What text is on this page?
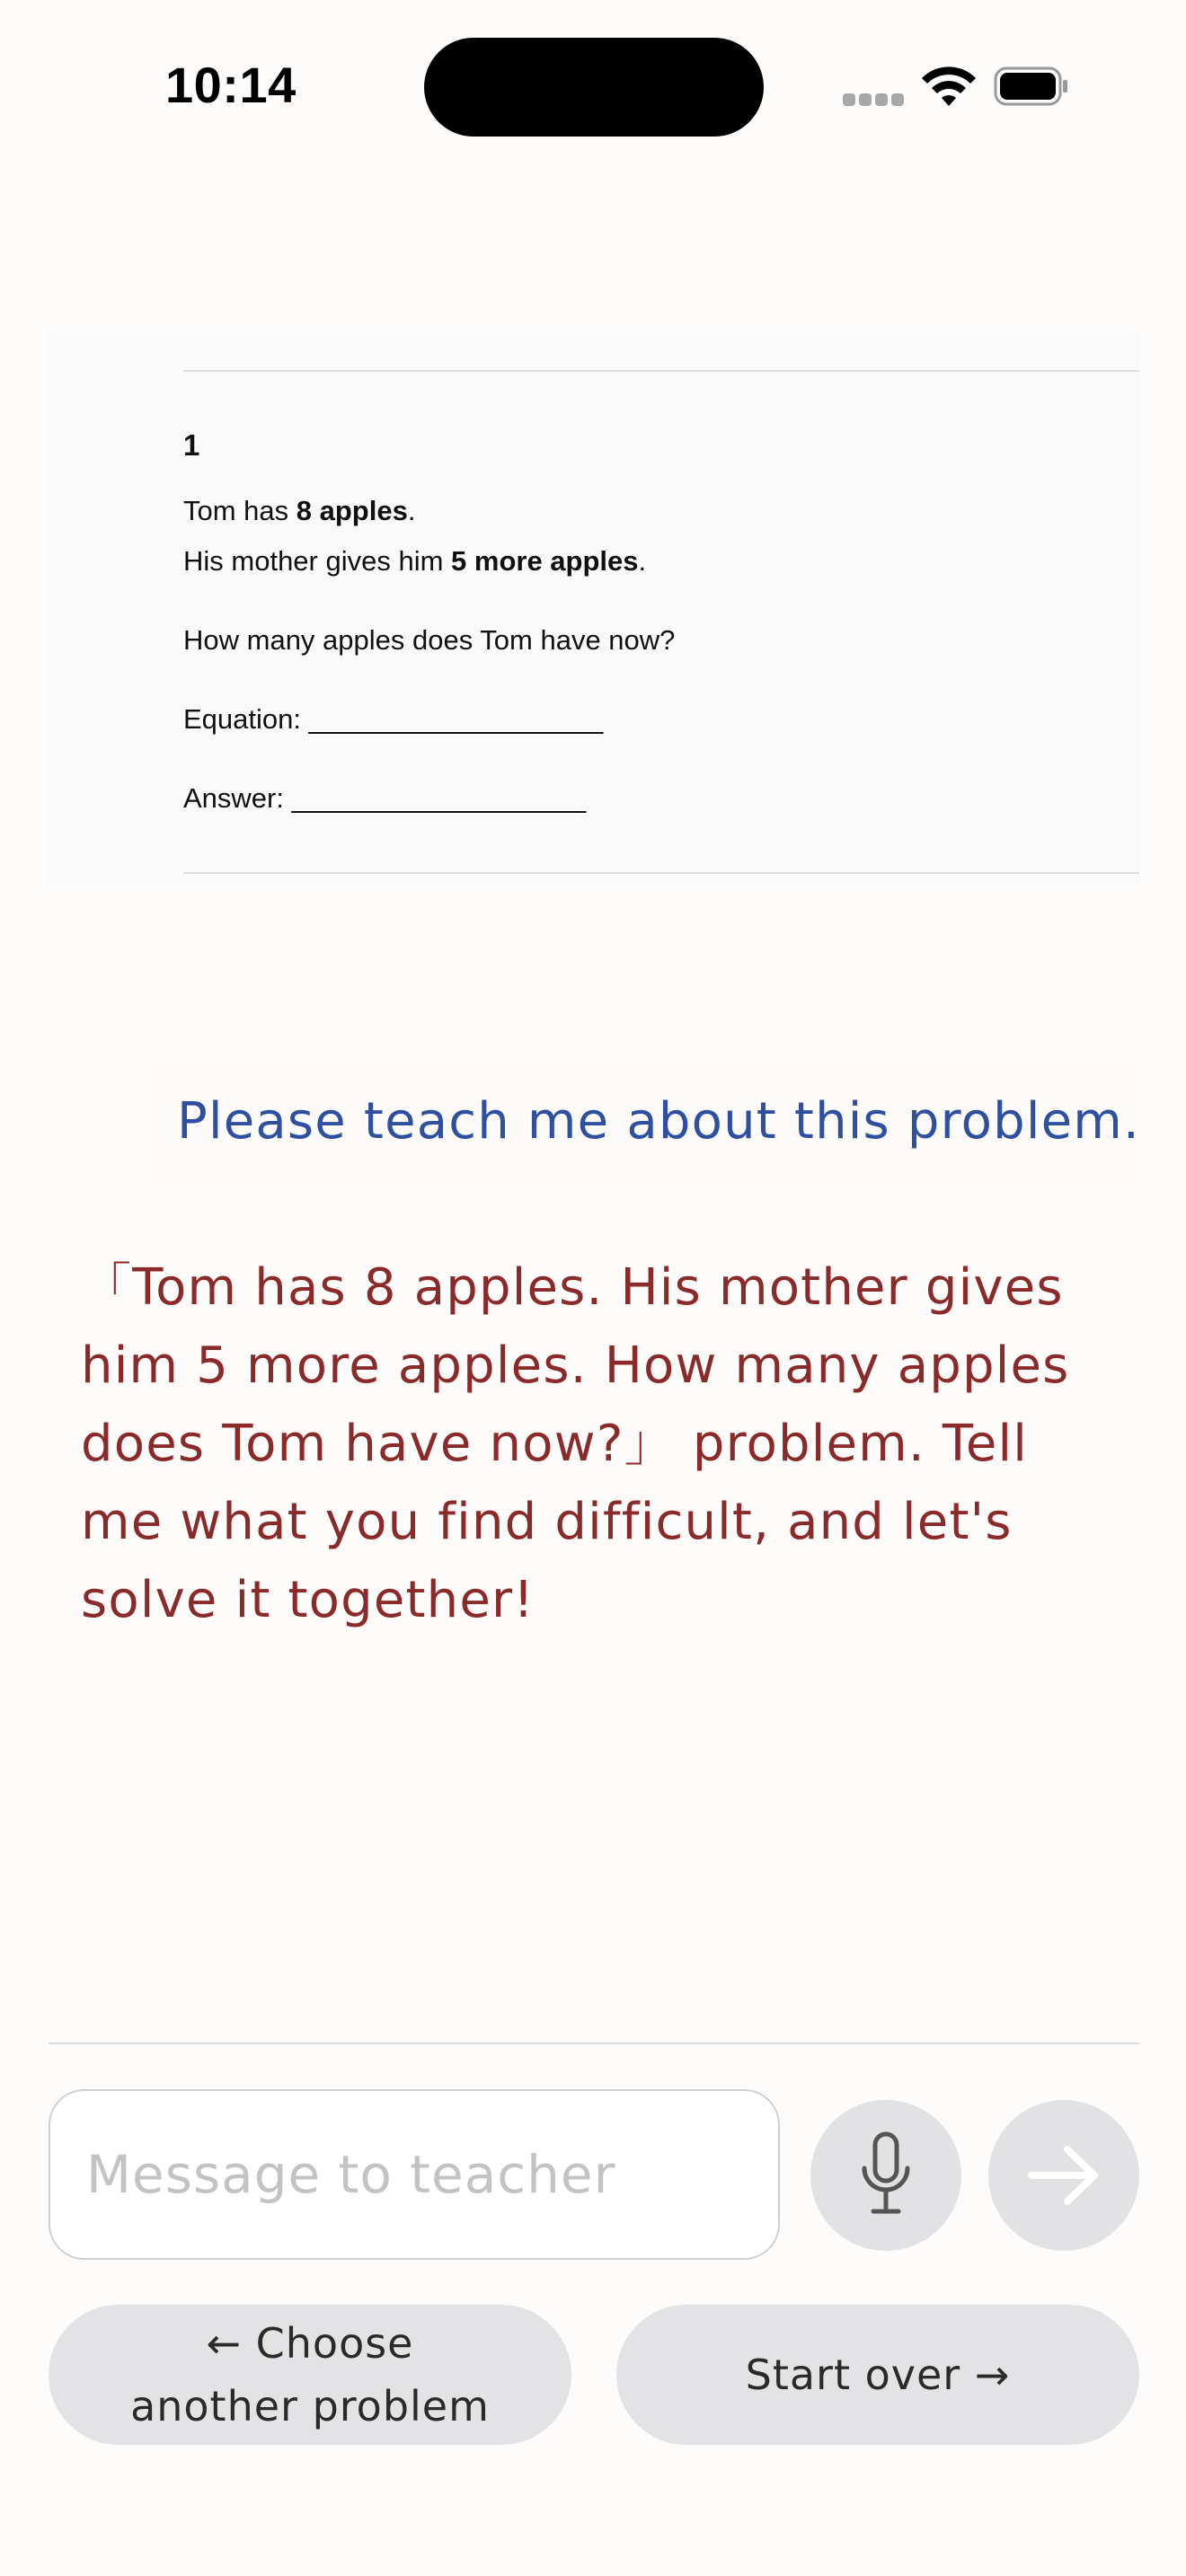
10:14
1
Tom has 8 apples.
His mother gives him 5 more apples.
How many apples does Tom have now?
Equation: ___________________
Answer: ___________________
Please teach me about this problem.
「Tom has 8 apples. His mother gives
him 5 more apples. How many apples
does Tom have now?」 problem. Tell
me what you find difficult, and let's
solve it together!
Message to teacher
← Choose
another problem
Start over →
